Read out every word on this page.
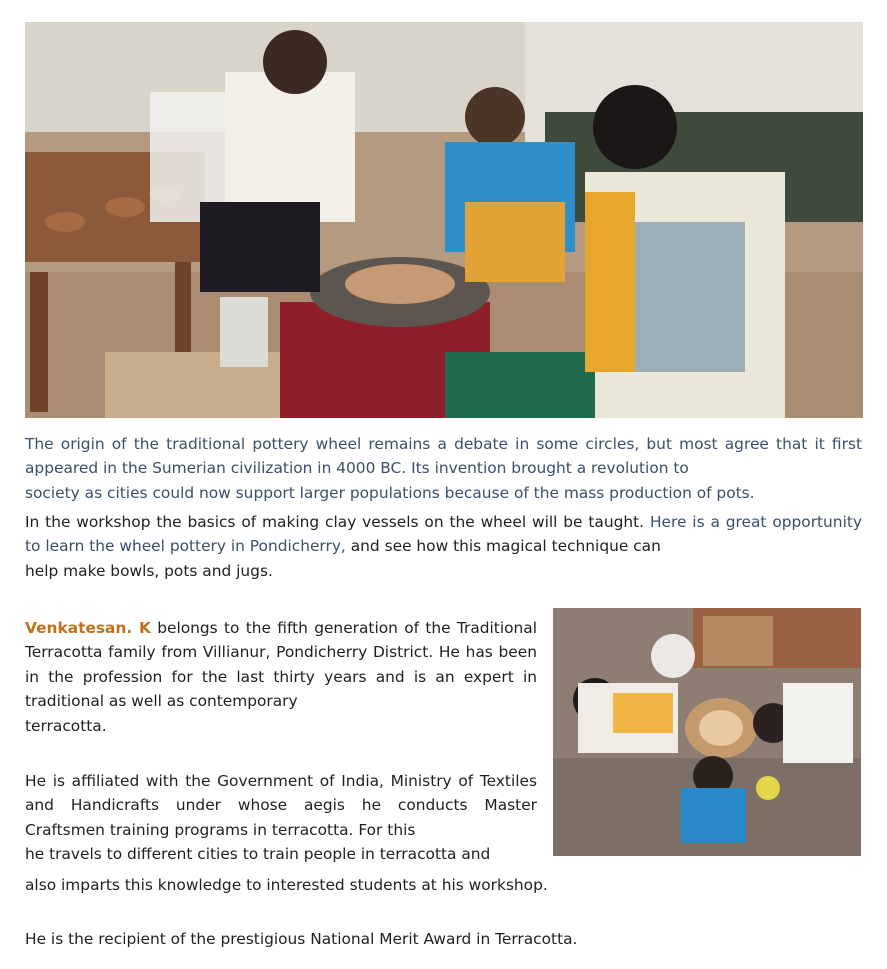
The origin of the traditional pottery wheel remains a debate in some circles, but most agree that it first appeared in the Sumerian civilization in 4000 BC. Its invention brought a revolution to
society as cities could now support larger populations because of the mass production of pots.

In the workshop the basics of making clay vessels on the wheel will be taught. Here is a great opportunity to learn the wheel pottery in Pondicherry, and see how this magical technique can
help make bowls, pots and jugs.

Venkatesan. K belongs to the fifth generation of the Traditional Terracotta family from Villianur, Pondicherry District. He has been in the profession for the last thirty years and is an expert in traditional as well as contemporary
terracotta.

He is affiliated with the Government of India, Ministry of Textiles and Handicrafts under whose aegis he conducts Master Craftsmen training programs in terracotta. For this
he travels to different cities to train people in terracotta and

also imparts this knowledge to interested students at his workshop.

He is the recipient of the prestigious National Merit Award in Terracotta.
